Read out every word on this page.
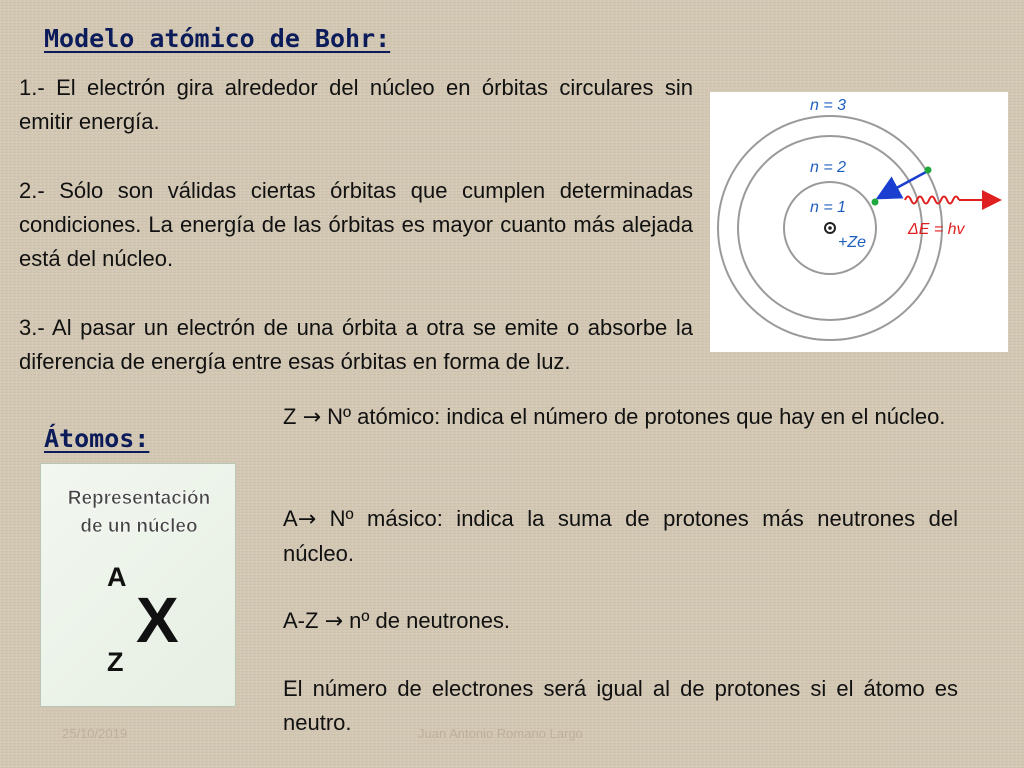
Modelo atómico de Bohr:

1.- El electrón gira alrededor del núcleo en órbitas circulares sin emitir energía.

2.- Sólo son válidas ciertas órbitas que cumplen determinadas condiciones. La energía de las órbitas es mayor cuanto más alejada está del núcleo.

3.- Al pasar un electrón de una órbita a otra se emite o absorbe la diferencia de energía entre esas órbitas en forma de luz.

n = 3
n = 2
n = 1
+Ze
ΔE = hv
Átomos:
Representación
de un núcleo
A
X
Z

Z → Nº atómico: indica el número de protones que hay en el núcleo.

A→ Nº másico: indica la suma de protones más neutrones del núcleo.

A-Z → nº de neutrones.

El número de electrones será igual al de protones si el átomo es neutro.

25/10/2019	Juan Antonio Romano Largo
